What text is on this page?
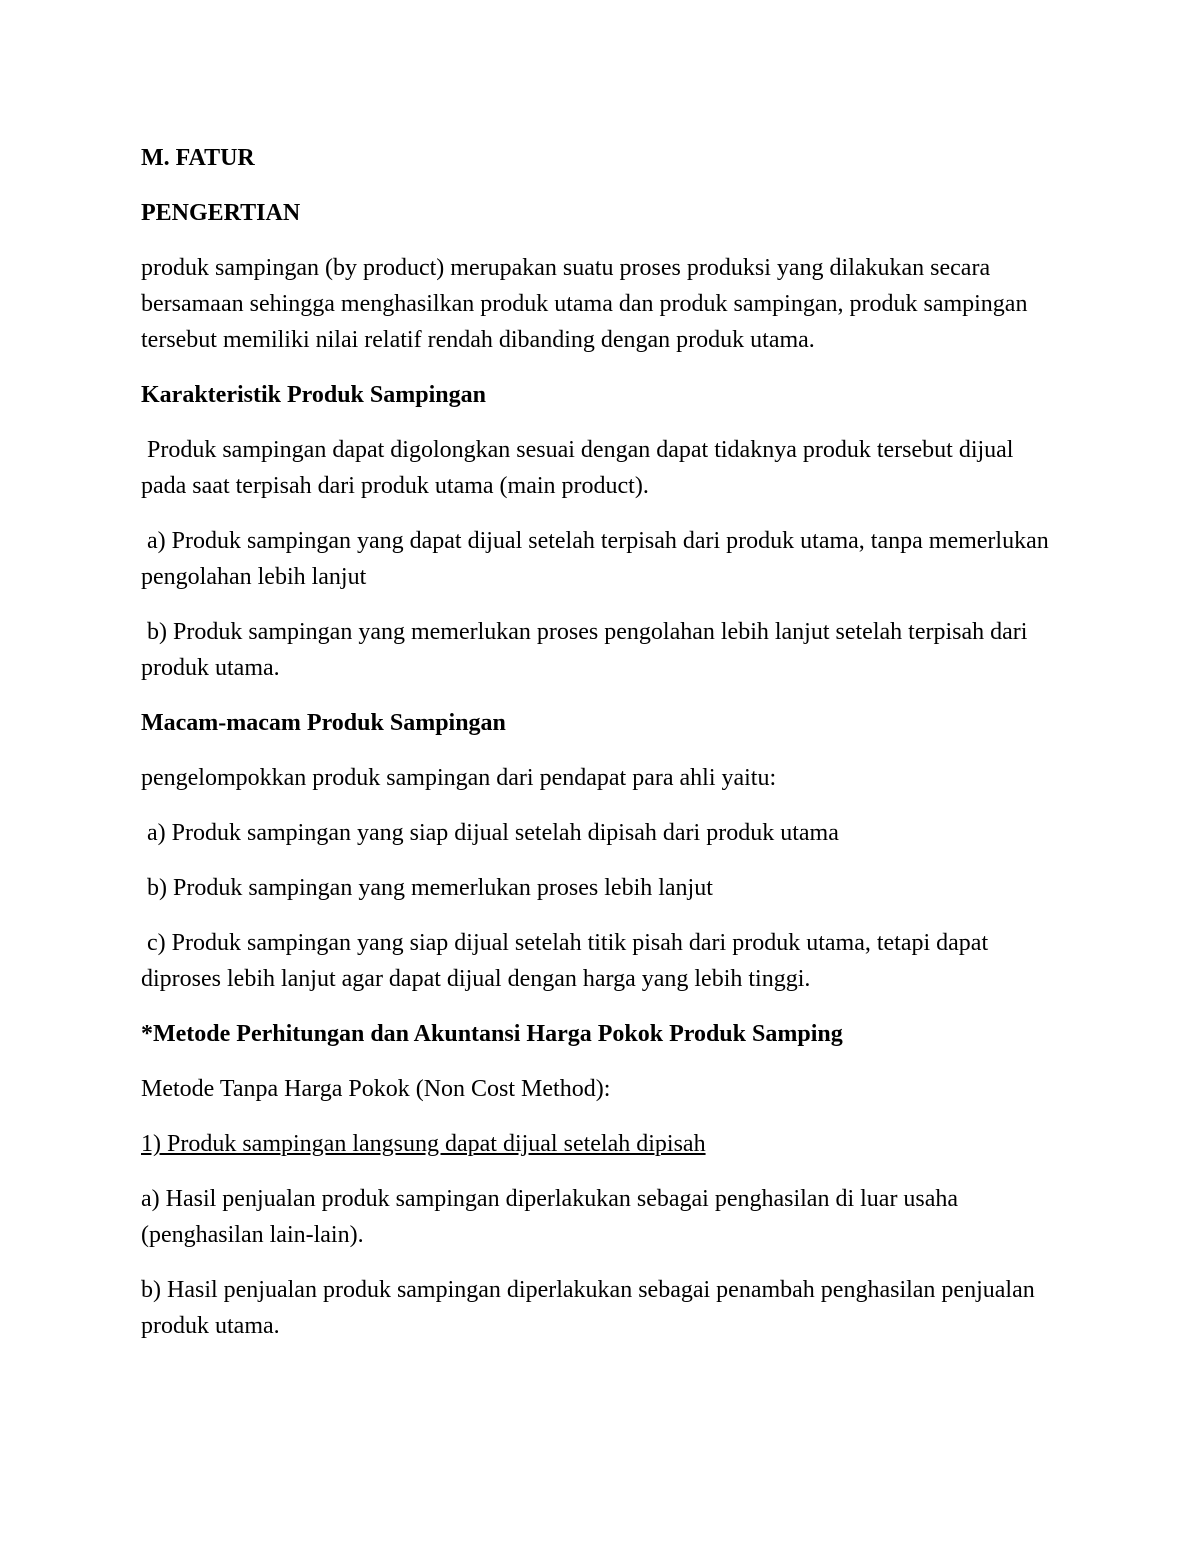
M. FATUR

PENGERTIAN

produk sampingan (by product) merupakan suatu proses produksi yang dilakukan secara bersamaan sehingga menghasilkan produk utama dan produk sampingan, produk sampingan tersebut memiliki nilai relatif rendah dibanding dengan produk utama.

Karakteristik Produk Sampingan

Produk sampingan dapat digolongkan sesuai dengan dapat tidaknya produk tersebut dijual pada saat terpisah dari produk utama (main product).

a) Produk sampingan yang dapat dijual setelah terpisah dari produk utama, tanpa memerlukan pengolahan lebih lanjut

b) Produk sampingan yang memerlukan proses pengolahan lebih lanjut setelah terpisah dari produk utama.

Macam-macam Produk Sampingan

pengelompokkan produk sampingan dari pendapat para ahli yaitu:

a) Produk sampingan yang siap dijual setelah dipisah dari produk utama

b) Produk sampingan yang memerlukan proses lebih lanjut

c) Produk sampingan yang siap dijual setelah titik pisah dari produk utama, tetapi dapat diproses lebih lanjut agar dapat dijual dengan harga yang lebih tinggi.

*Metode Perhitungan dan Akuntansi Harga Pokok Produk Samping

Metode Tanpa Harga Pokok (Non Cost Method):

1) Produk sampingan langsung dapat dijual setelah dipisah

a) Hasil penjualan produk sampingan diperlakukan sebagai penghasilan di luar usaha (penghasilan lain-lain).

b) Hasil penjualan produk sampingan diperlakukan sebagai penambah penghasilan penjualan produk utama.
